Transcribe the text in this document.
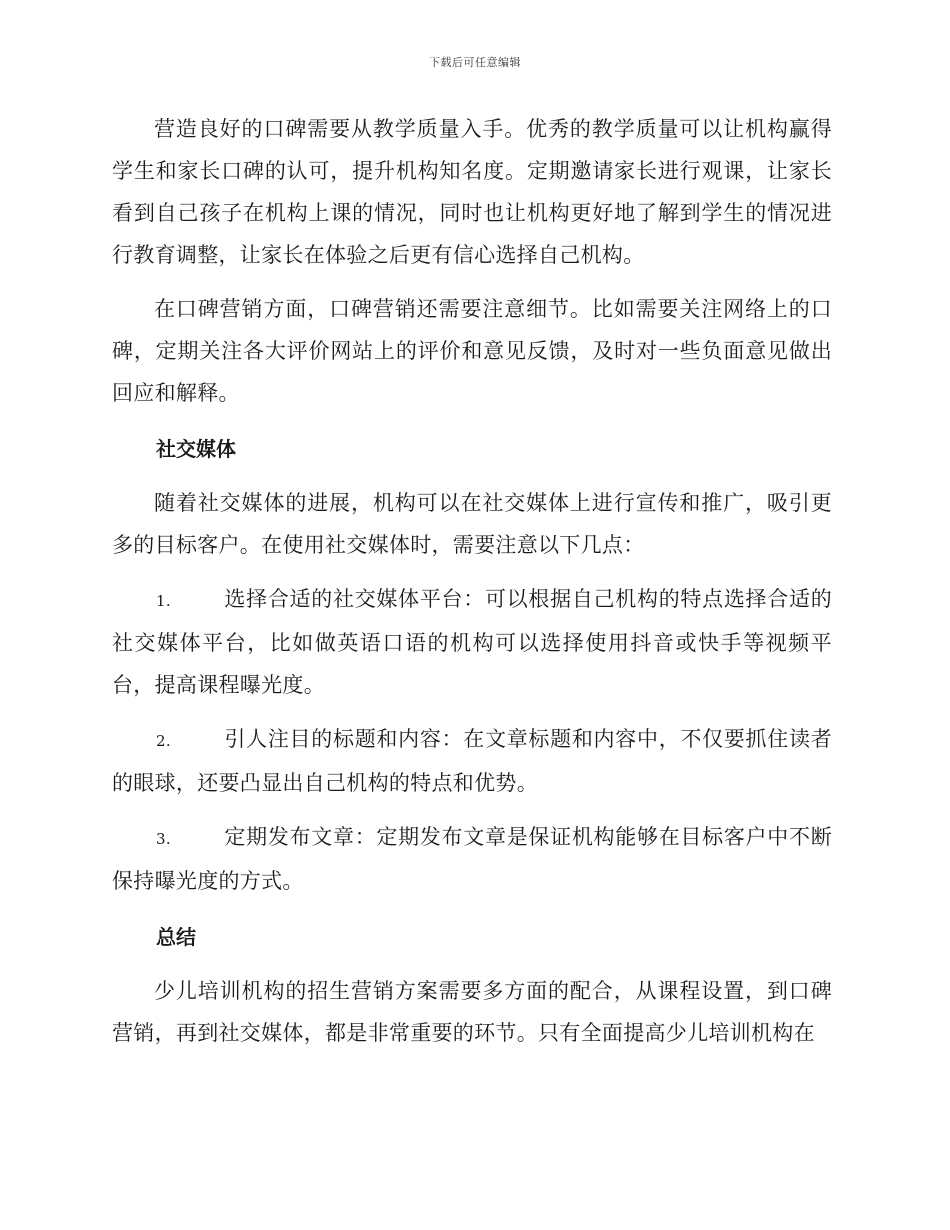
下载后可任意编辑

营造良好的口碑需要从教学质量入手。优秀的教学质量可以让机构赢得学生和家长口碑的认可，提升机构知名度。定期邀请家长进行观课，让家长看到自己孩子在机构上课的情况，同时也让机构更好地了解到学生的情况进行教育调整，让家长在体验之后更有信心选择自己机构。

在口碑营销方面，口碑营销还需要注意细节。比如需要关注网络上的口碑，定期关注各大评价网站上的评价和意见反馈，及时对一些负面意见做出回应和解释。

社交媒体

随着社交媒体的进展，机构可以在社交媒体上进行宣传和推广，吸引更多的目标客户。在使用社交媒体时，需要注意以下几点：

1.	选择合适的社交媒体平台：可以根据自己机构的特点选择合适的社交媒体平台，比如做英语口语的机构可以选择使用抖音或快手等视频平台，提高课程曝光度。

2.	引人注目的标题和内容：在文章标题和内容中，不仅要抓住读者的眼球，还要凸显出自己机构的特点和优势。

3.	定期发布文章：定期发布文章是保证机构能够在目标客户中不断保持曝光度的方式。

总结

少儿培训机构的招生营销方案需要多方面的配合，从课程设置，到口碑营销，再到社交媒体，都是非常重要的环节。只有全面提高少儿培训机构在
